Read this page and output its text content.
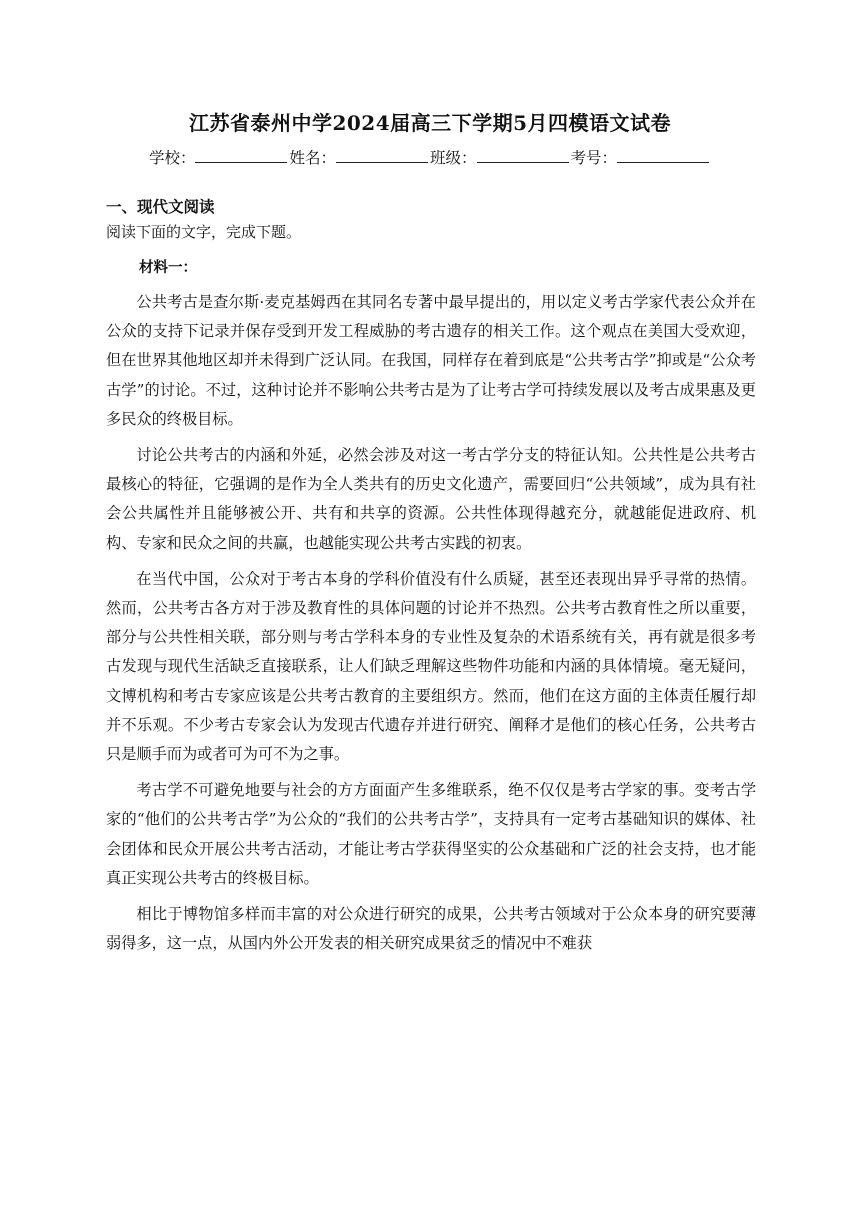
江苏省泰州中学2024届高三下学期5月四模语文试卷
学校：	姓名：	班级：	考号：
一、现代文阅读
阅读下面的文字，完成下题。
材料一：

公共考古是查尔斯·麦克基姆西在其同名专著中最早提出的，用以定义考古学家代表公众并在公众的支持下记录并保存受到开发工程威胁的考古遗存的相关工作。这个观点在美国大受欢迎，但在世界其他地区却并未得到广泛认同。在我国，同样存在着到底是“公共考古学”抑或是“公众考古学”的讨论。不过，这种讨论并不影响公共考古是为了让考古学可持续发展以及考古成果惠及更多民众的终极目标。

讨论公共考古的内涵和外延，必然会涉及对这一考古学分支的特征认知。公共性是公共考古最核心的特征，它强调的是作为全人类共有的历史文化遗产，需要回归“公共领域”，成为具有社会公共属性并且能够被公开、共有和共享的资源。公共性体现得越充分，就越能促进政府、机构、专家和民众之间的共赢，也越能实现公共考古实践的初衷。

在当代中国，公众对于考古本身的学科价值没有什么质疑，甚至还表现出异乎寻常的热情。然而，公共考古各方对于涉及教育性的具体问题的讨论并不热烈。公共考古教育性之所以重要，部分与公共性相关联，部分则与考古学科本身的专业性及复杂的术语系统有关，再有就是很多考古发现与现代生活缺乏直接联系，让人们缺乏理解这些物件功能和内涵的具体情境。毫无疑问，文博机构和考古专家应该是公共考古教育的主要组织方。然而，他们在这方面的主体责任履行却并不乐观。不少考古专家会认为发现古代遗存并进行研究、阐释才是他们的核心任务，公共考古只是顺手而为或者可为可不为之事。

考古学不可避免地要与社会的方方面面产生多维联系，绝不仅仅是考古学家的事。变考古学家的“他们的公共考古学”为公众的“我们的公共考古学”，支持具有一定考古基础知识的媒体、社会团体和民众开展公共考古活动，才能让考古学获得坚实的公众基础和广泛的社会支持，也才能真正实现公共考古的终极目标。

相比于博物馆多样而丰富的对公众进行研究的成果，公共考古领域对于公众本身的研究要薄弱得多，这一点，从国内外公开发表的相关研究成果贫乏的情况中不难获
